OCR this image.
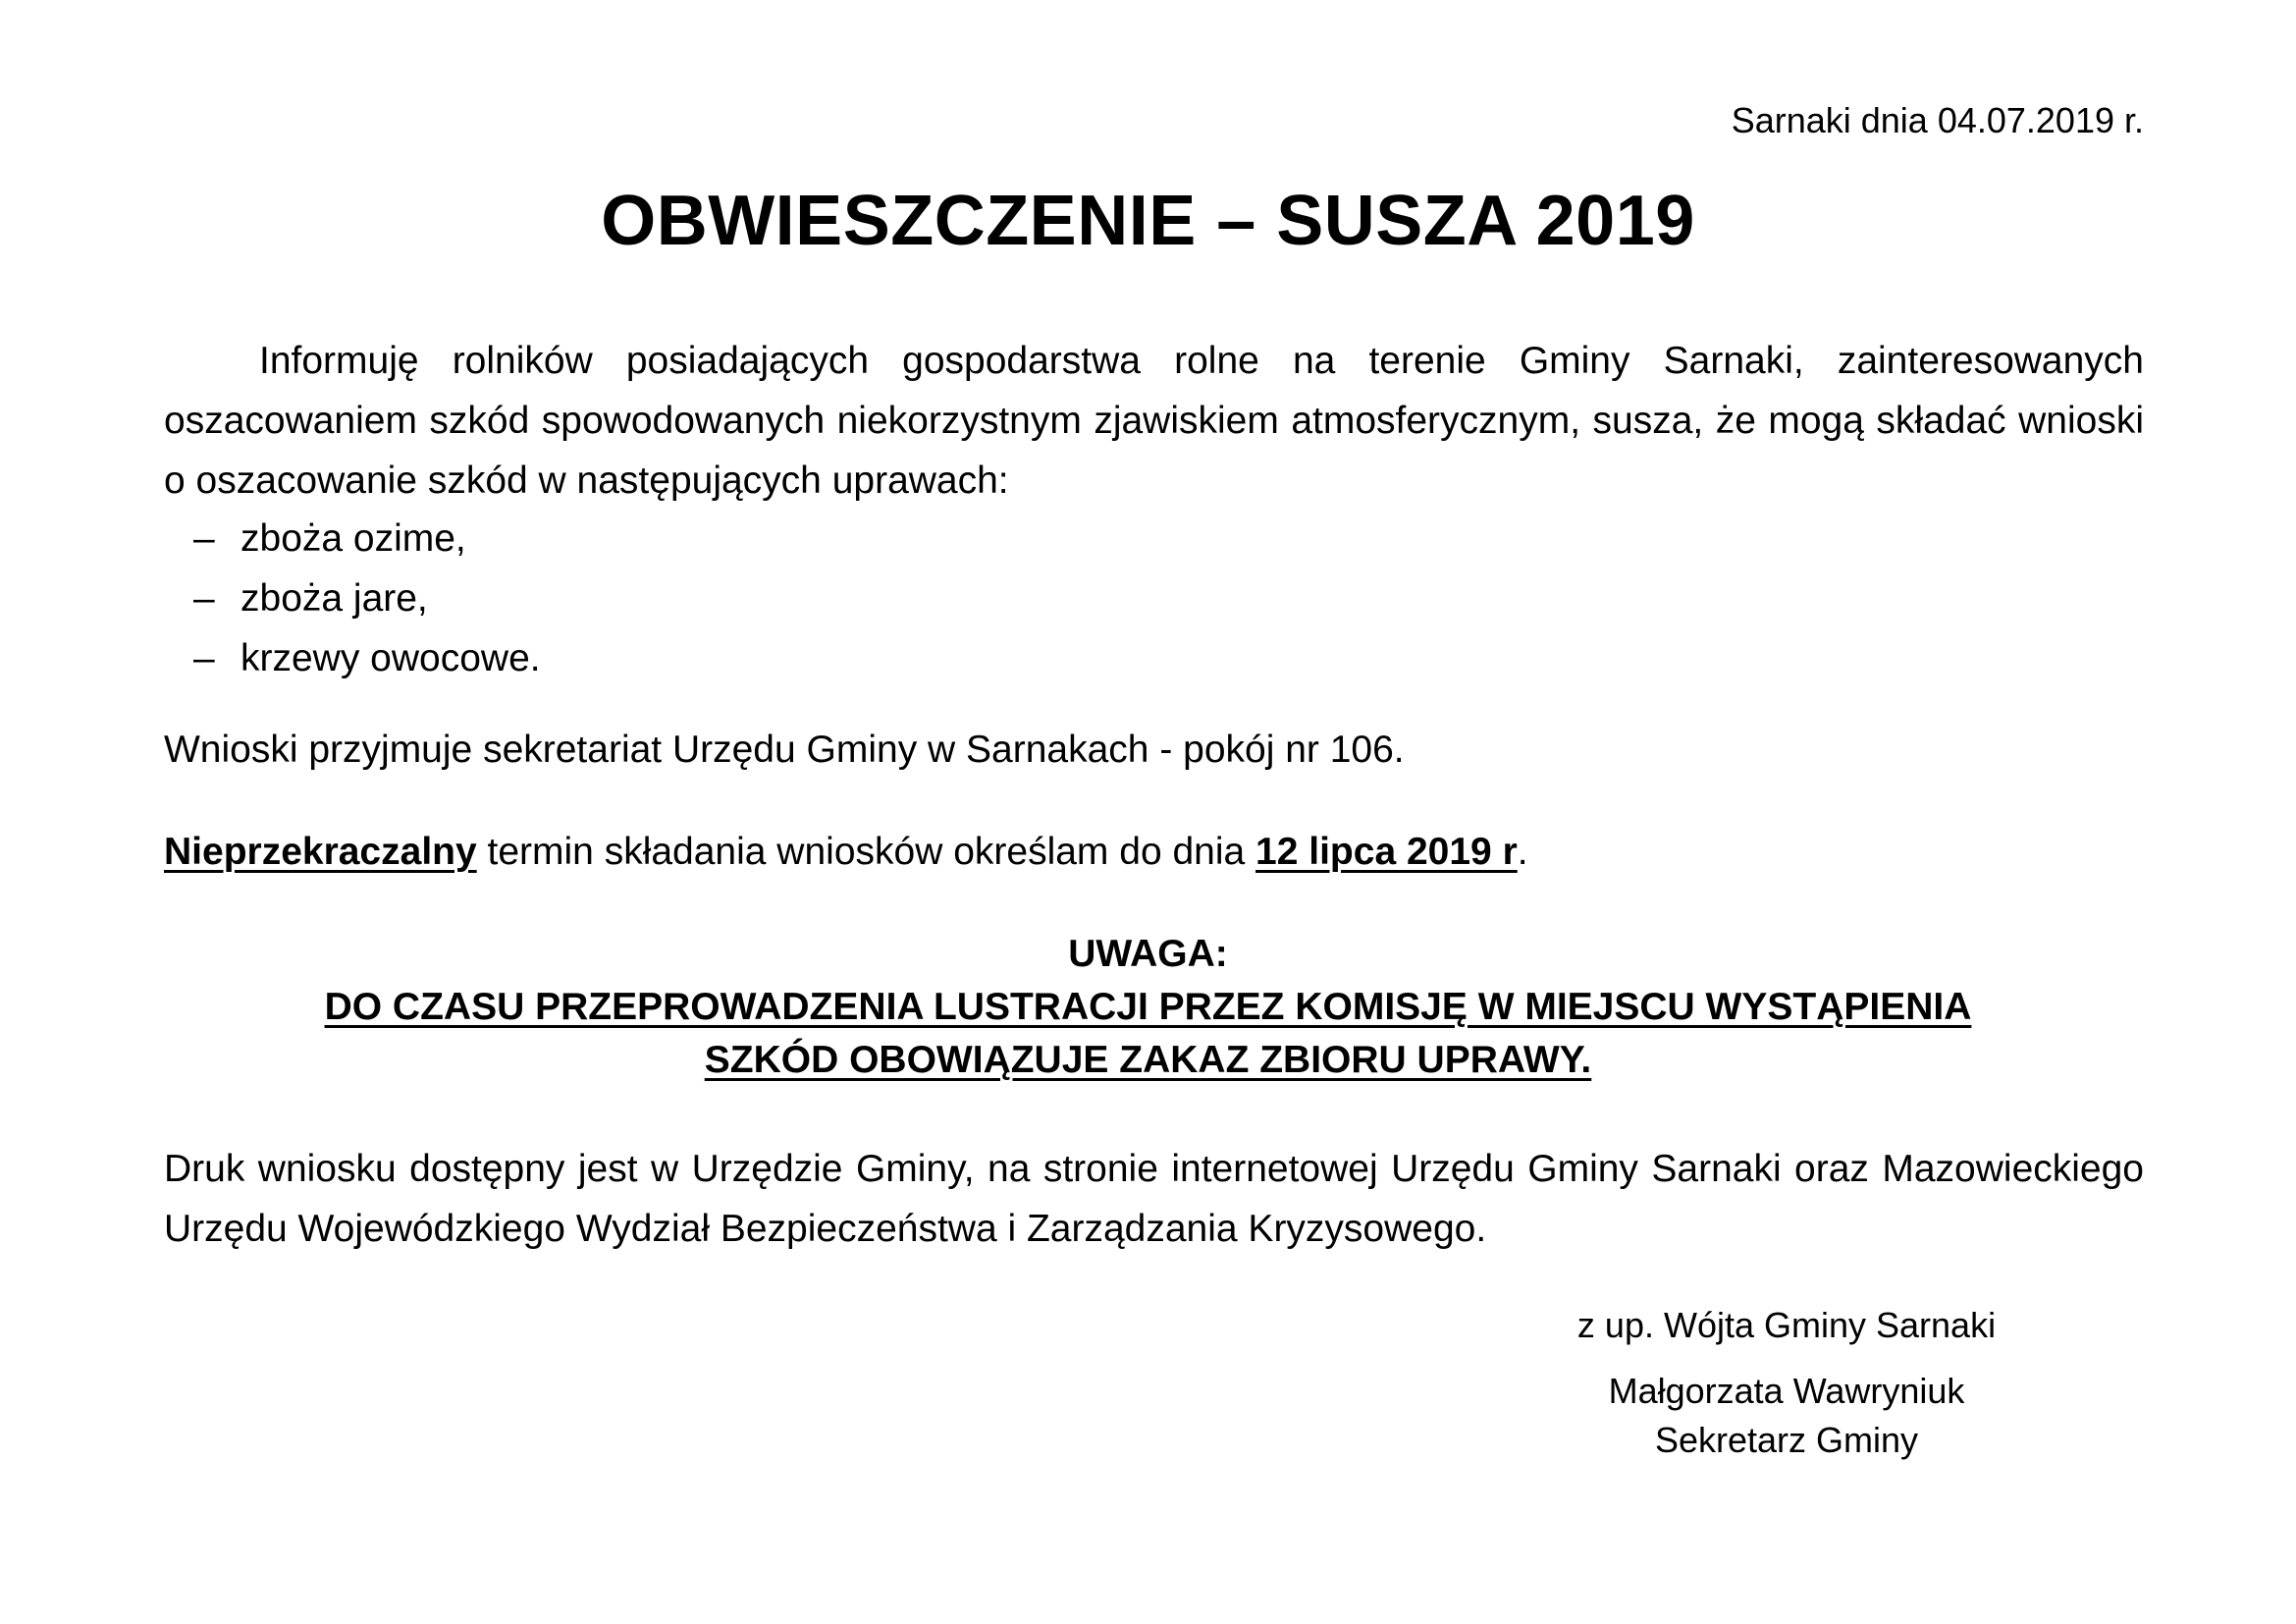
Sarnaki dnia 04.07.2019 r.
OBWIESZCZENIE – SUSZA 2019
Informuję rolników posiadających gospodarstwa rolne na terenie Gminy Sarnaki, zainteresowanych oszacowaniem szkód spowodowanych niekorzystnym zjawiskiem atmosferycznym, susza, że mogą składać wnioski o oszacowanie szkód w następujących uprawach:
– zboża ozime,
– zboża jare,
– krzewy owocowe.
Wnioski przyjmuje sekretariat Urzędu Gminy w Sarnakach - pokój nr 106.
Nieprzekraczalny termin składania wniosków określam do dnia 12 lipca 2019 r.
UWAGA:
DO CZASU PRZEPROWADZENIA LUSTRACJI PRZEZ KOMISJĘ W MIEJSCU WYSTĄPIENIA
SZKÓD OBOWIĄZUJE ZAKAZ ZBIORU UPRAWY.
Druk wniosku dostępny jest w Urzędzie Gminy, na stronie internetowej Urzędu Gminy Sarnaki oraz Mazowieckiego Urzędu Wojewódzkiego Wydział Bezpieczeństwa i Zarządzania Kryzysowego.
z up. Wójta Gminy Sarnaki
Małgorzata Wawryniuk
Sekretarz Gminy
